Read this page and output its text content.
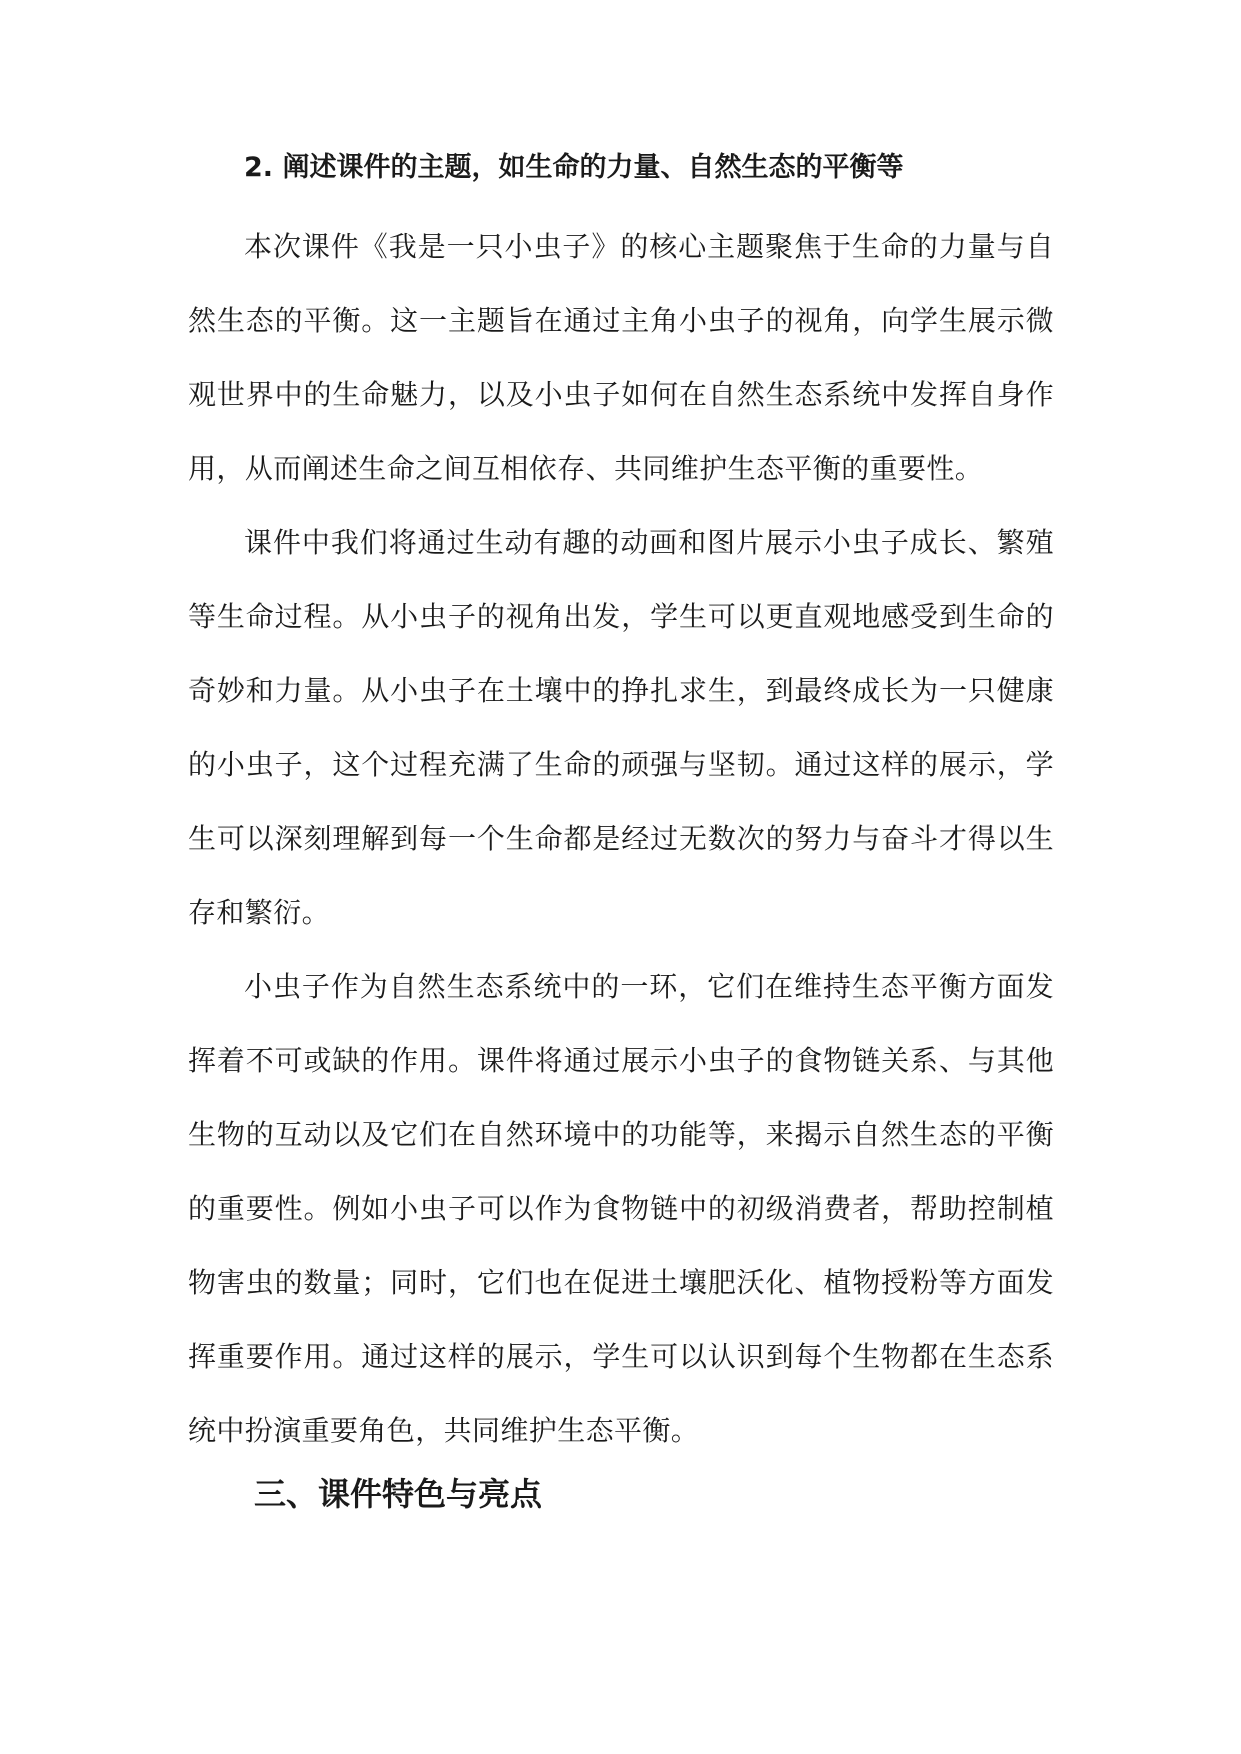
2. 阐述课件的主题，如生命的力量、自然生态的平衡等

本次课件《我是一只小虫子》的核心主题聚焦于生命的力量与自然生态的平衡。这一主题旨在通过主角小虫子的视角，向学生展示微观世界中的生命魅力，以及小虫子如何在自然生态系统中发挥自身作用，从而阐述生命之间互相依存、共同维护生态平衡的重要性。

课件中我们将通过生动有趣的动画和图片展示小虫子成长、繁殖等生命过程。从小虫子的视角出发，学生可以更直观地感受到生命的奇妙和力量。从小虫子在土壤中的挣扎求生，到最终成长为一只健康的小虫子，这个过程充满了生命的顽强与坚韧。通过这样的展示，学生可以深刻理解到每一个生命都是经过无数次的努力与奋斗才得以生存和繁衍。

小虫子作为自然生态系统中的一环，它们在维持生态平衡方面发挥着不可或缺的作用。课件将通过展示小虫子的食物链关系、与其他生物的互动以及它们在自然环境中的功能等，来揭示自然生态的平衡的重要性。例如小虫子可以作为食物链中的初级消费者，帮助控制植物害虫的数量；同时，它们也在促进土壤肥沃化、植物授粉等方面发挥重要作用。通过这样的展示，学生可以认识到每个生物都在生态系统中扮演重要角色，共同维护生态平衡。

三、课件特色与亮点
